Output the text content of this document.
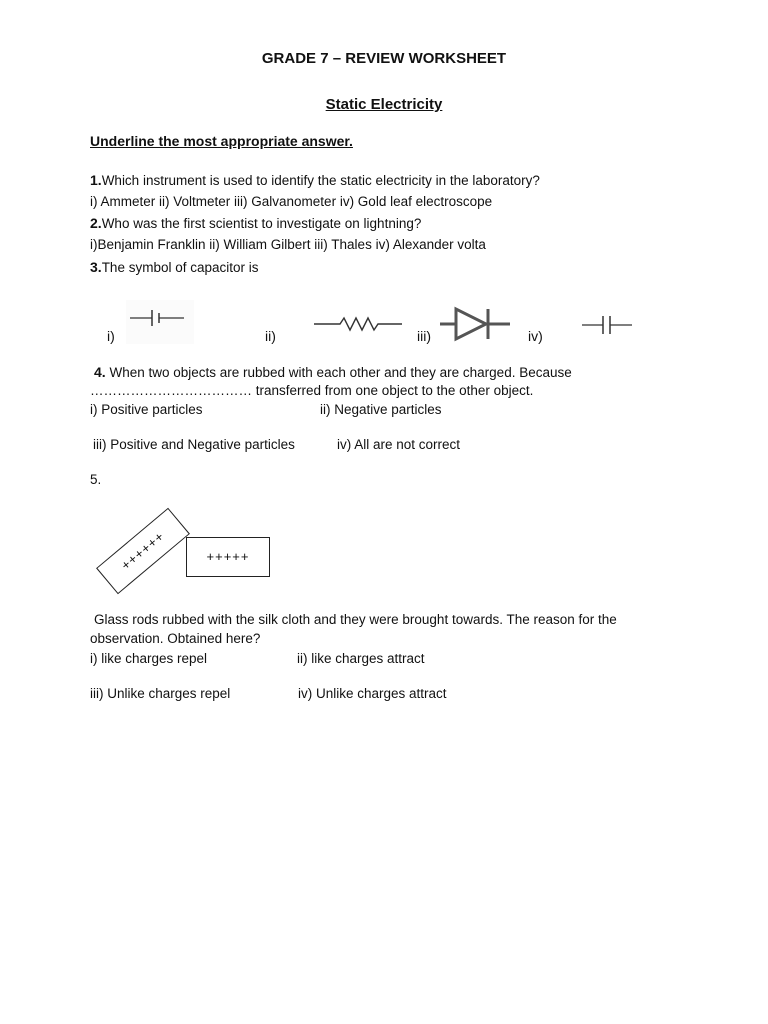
GRADE 7 – REVIEW WORKSHEET
Static Electricity
Underline the most appropriate answer.
1.Which instrument is used to identify the static electricity in the laboratory?
i) Ammeter ii) Voltmeter iii) Galvanometer iv) Gold leaf electroscope
2.Who was the first scientist to investigate on lightning?
i)Benjamin Franklin ii) William Gilbert iii) Thales iv) Alexander volta
3.The symbol of capacitor is
i)	ii)	iii)	iv)
4. When two objects are rubbed with each other and they are charged. Because
……………………………… transferred from one object to the other object.
i) Positive particles	ii) Negative particles
iii) Positive and Negative particles	iv) All are not correct
5.
++++++	+++++
Glass rods rubbed with the silk cloth and they were brought towards. The reason for the
observation. Obtained here?
i) like charges repel	ii) like charges attract
iii) Unlike charges repel	iv) Unlike charges attract
